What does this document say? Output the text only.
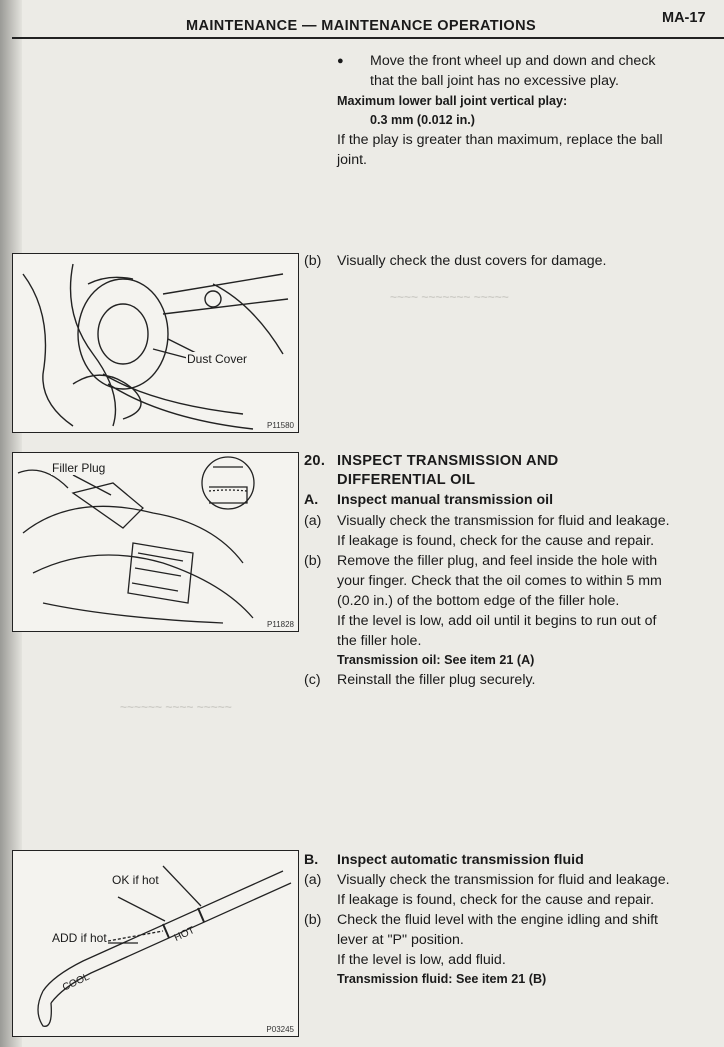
~~~~ ~~~~~~~ ~~~~~
~~~~~~ ~~~~ ~~~~~
MAINTENANCE — MAINTENANCE OPERATIONS	MA-17
● Move the front wheel up and down and check
that the ball joint has no excessive play.
Maximum lower ball joint vertical play:
0.3 mm (0.012 in.)
If the play is greater than maximum, replace the ball
joint.
(b) Visually check the dust covers for damage.
Dust Cover
P11580
Filler Plug
P11828
OK if hot
ADD if hot
COOL
HOT
P03245
20. INSPECT TRANSMISSION AND
DIFFERENTIAL OIL
A. Inspect manual transmission oil
(a) Visually check the transmission for fluid and leakage.
If leakage is found, check for the cause and repair.
(b) Remove the filler plug, and feel inside the hole with
your finger. Check that the oil comes to within 5 mm
(0.20 in.) of the bottom edge of the filler hole.
If the level is low, add oil until it begins to run out of
the filler hole.
Transmission oil: See item 21 (A)
(c) Reinstall the filler plug securely.
B. Inspect automatic transmission fluid
(a) Visually check the transmission for fluid and leakage.
If leakage is found, check for the cause and repair.
(b) Check the fluid level with the engine idling and shift
lever at "P" position.
If the level is low, add fluid.
Transmission fluid: See item 21 (B)
